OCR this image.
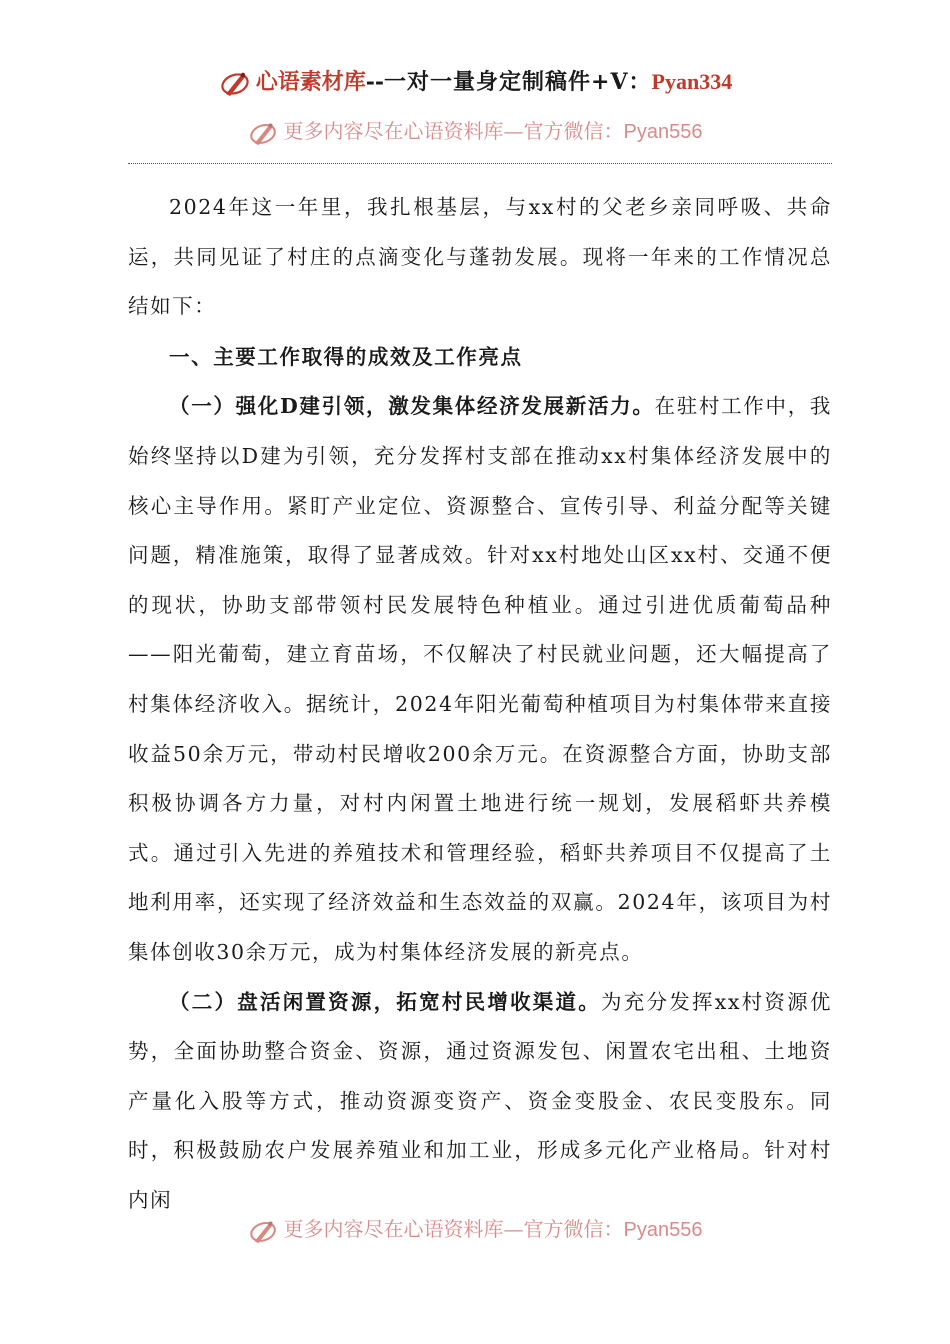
心语素材库--一对一量身定制稿件+V：Pyan334
更多内容尽在心语资料库—官方微信：Pyan556

2024年这一年里，我扎根基层，与xx村的父老乡亲同呼吸、共命运，共同见证了村庄的点滴变化与蓬勃发展。现将一年来的工作情况总结如下：

一、主要工作取得的成效及工作亮点

（一）强化D建引领，激发集体经济发展新活力。在驻村工作中，我始终坚持以D建为引领，充分发挥村支部在推动xx村集体经济发展中的核心主导作用。紧盯产业定位、资源整合、宣传引导、利益分配等关键问题，精准施策，取得了显著成效。针对xx村地处山区xx村、交通不便的现状，协助支部带领村民发展特色种植业。通过引进优质葡萄品种——阳光葡萄，建立育苗场，不仅解决了村民就业问题，还大幅提高了村集体经济收入。据统计，2024年阳光葡萄种植项目为村集体带来直接收益50余万元，带动村民增收200余万元。在资源整合方面，协助支部积极协调各方力量，对村内闲置土地进行统一规划，发展稻虾共养模式。通过引入先进的养殖技术和管理经验，稻虾共养项目不仅提高了土地利用率，还实现了经济效益和生态效益的双赢。2024年，该项目为村集体创收30余万元，成为村集体经济发展的新亮点。

（二）盘活闲置资源，拓宽村民增收渠道。为充分发挥xx村资源优势，全面协助整合资金、资源，通过资源发包、闲置农宅出租、土地资产量化入股等方式，推动资源变资产、资金变股金、农民变股东。同时，积极鼓励农户发展养殖业和加工业，形成多元化产业格局。针对村内闲

更多内容尽在心语资料库—官方微信：Pyan556
